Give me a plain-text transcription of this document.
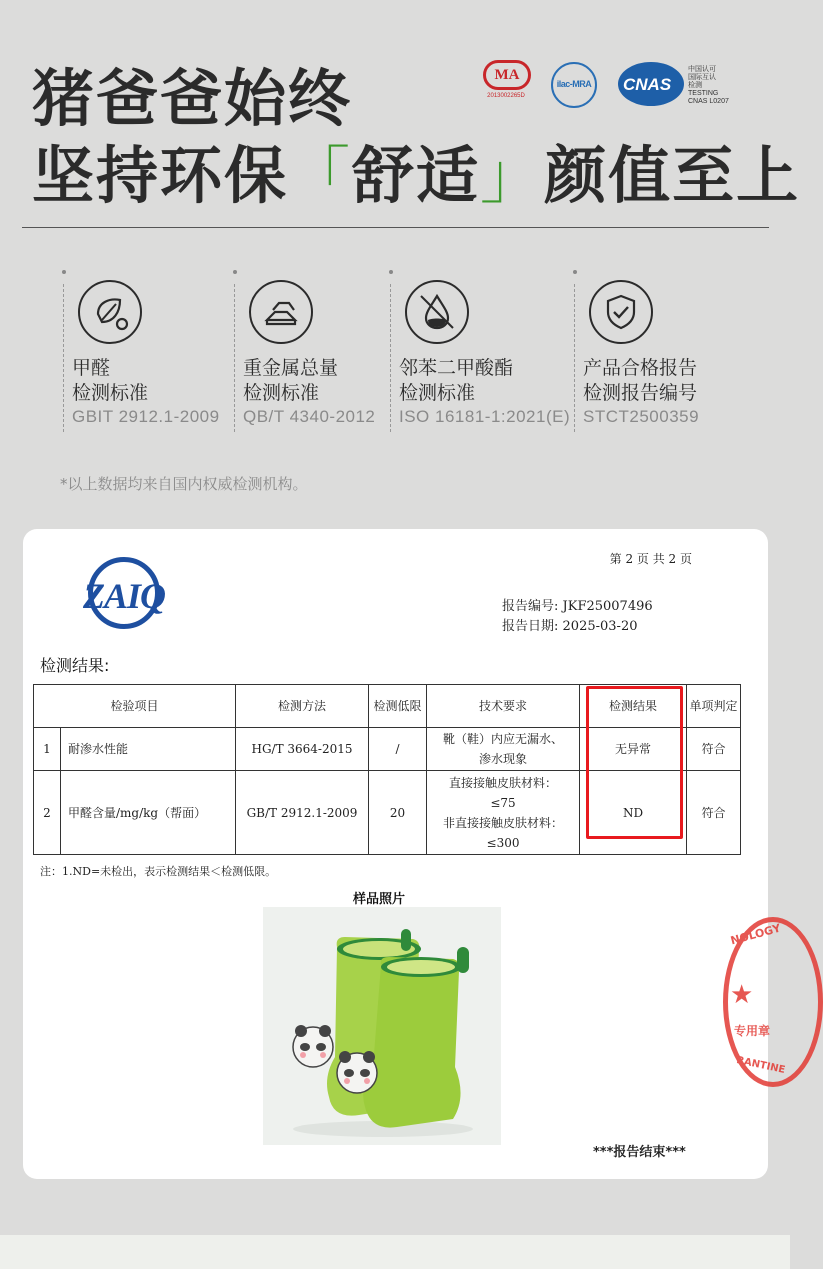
猪爸爸始终
坚持环保「舒适」颜值至上
MA
2013002265D
ilac-MRA CNAS
中国认可
国际互认
检测
TESTING
CNAS L0207
甲醛
检测标准
GBIT 2912.1-2009
重金属总量
检测标准
QB/T 4340-2012
邻苯二甲酸酯
检测标准
ISO 16181-1:2021(E)
产品合格报告
检测报告编号
STCT2500359
*以上数据均来自国内权威检测机构。
第 2 页 共 2 页
ZAIQ	报告编号: JKF25007496
报告日期: 2025-03-20
检测结果:
检验项目		检测方法	检测低限	技术要求	检测结果	单项判定
1	耐渗水性能	HG/T 3664-2015	/	靴（鞋）内应无漏水、
渗水现象	无异常	符合
2	甲醛含量/mg/kg（帮面）	GB/T 2912.1-2009	20	直接接触皮肤材料：
≤75
非直接接触皮肤材料：
≤300	ND	符合
注：1.ND=未检出，表示检测结果＜检测低限。
样品照片
***报告结束***
NOLOGY
★
专用章
RANTINE
